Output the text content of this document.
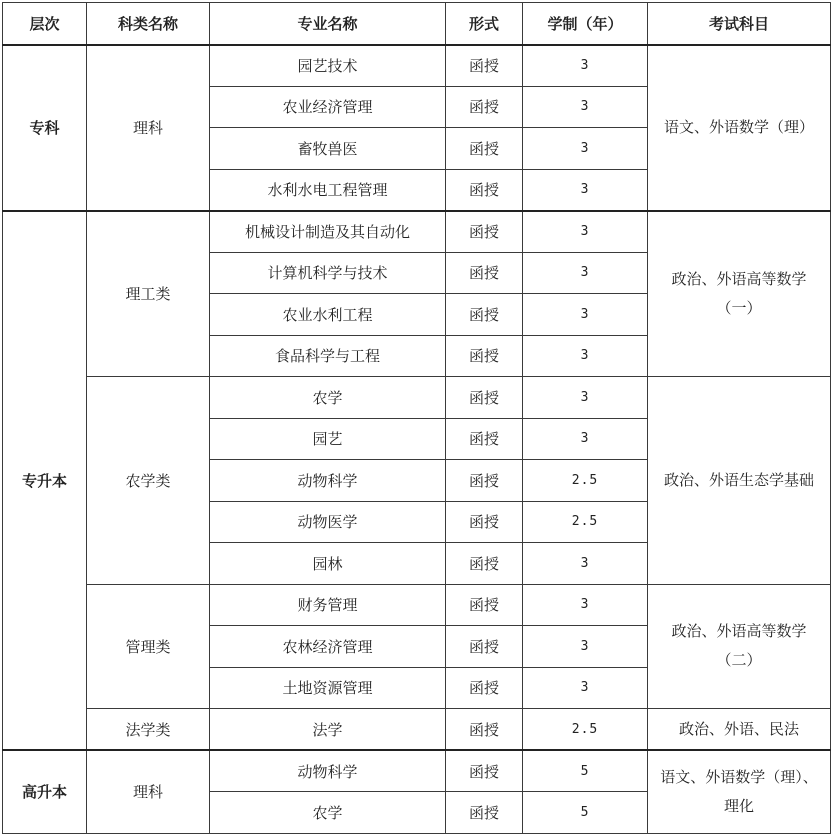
层次	科类名称	专业名称	形式	学制（年）	考试科目
专科	理科	园艺技术	函授	3	语文、外语数学（理）
		农业经济管理	函授	3	
		畜牧兽医	函授	3	
		水利水电工程管理	函授	3	
专升本	理工类	机械设计制造及其自动化	函授	3	政治、外语高等数学（一）
		计算机科学与技术	函授	3	
		农业水利工程	函授	3	
		食品科学与工程	函授	3	
	农学类	农学	函授	3	政治、外语生态学基础
		园艺	函授	3	
		动物科学	函授	2.5	
		动物医学	函授	2.5	
		园林	函授	3	
	管理类	财务管理	函授	3	政治、外语高等数学（二）
		农林经济管理	函授	3	
		土地资源管理	函授	3	
	法学类	法学	函授	2.5	政治、外语、民法
高升本	理科	动物科学	函授	5	语文、外语数学（理）、理化
		农学	函授	5	
